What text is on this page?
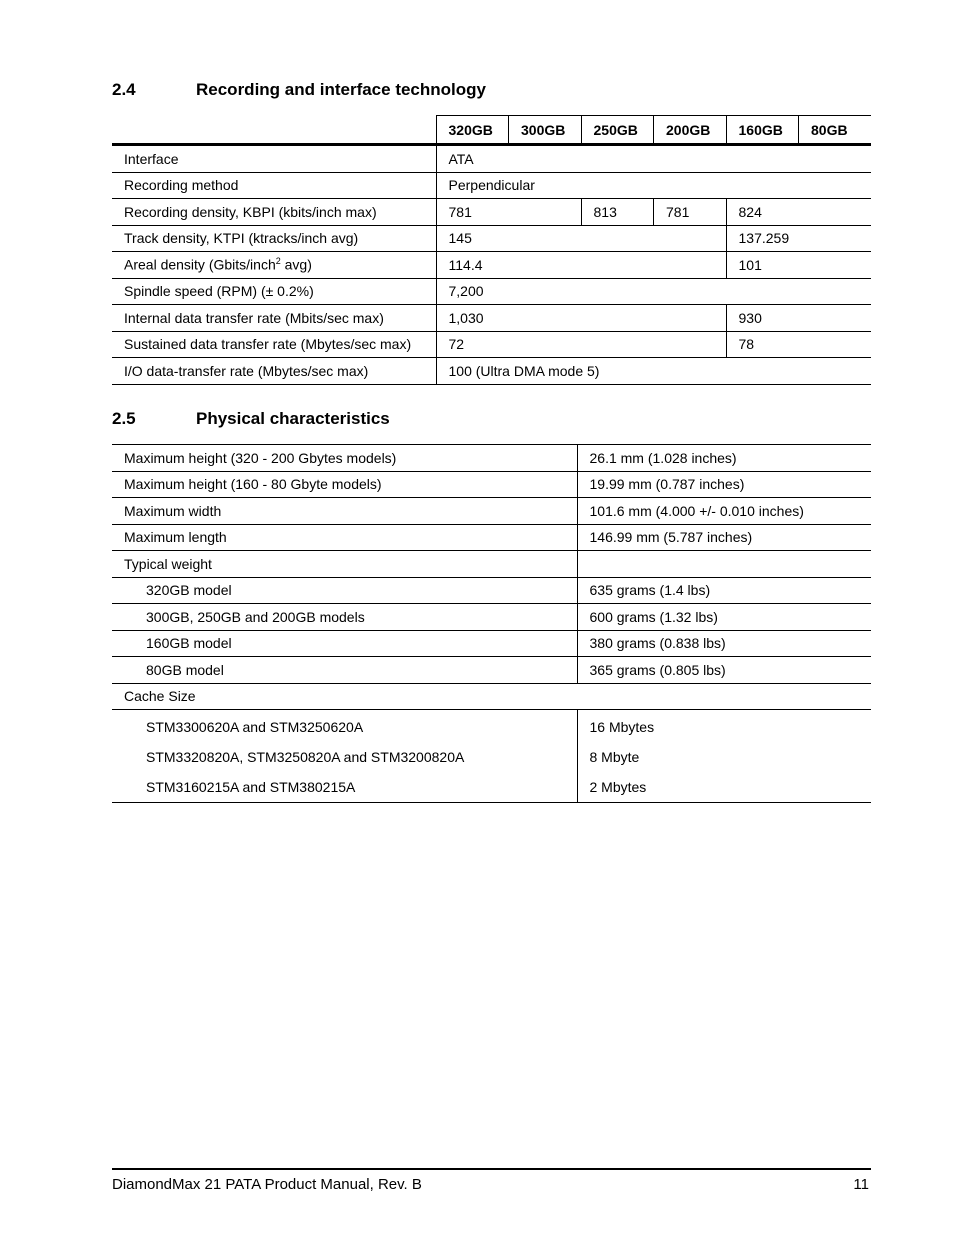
2.4	Recording and interface technology
	320GB	300GB	250GB	200GB	160GB	80GB
Interface	ATA					
Recording method	Perpendicular					
Recording density, KBPI (kbits/inch max)	781		813	781	824	
Track density, KTPI (ktracks/inch avg)	145				137.259	
Areal density (Gbits/inch$^2$ avg)	114.4				101	
Spindle speed (RPM) (± 0.2%)	7,200					
Internal data transfer rate (Mbits/sec max)	1,030				930	
Sustained data transfer rate (Mbytes/sec max)	72				78	
I/O data-transfer rate (Mbytes/sec max)	100 (Ultra DMA mode 5)					
2.5	Physical characteristics
Maximum height (320 - 200 Gbytes models)	26.1 mm (1.028 inches)
Maximum height (160 - 80 Gbyte models)	19.99 mm (0.787 inches)
Maximum width	101.6 mm (4.000 +/- 0.010 inches)
Maximum length	146.99 mm (5.787 inches)
Typical weight	
320GB model	635 grams (1.4 lbs)
300GB, 250GB and 200GB models	600 grams (1.32 lbs)
160GB model	380 grams (0.838 lbs)
80GB model	365 grams (0.805 lbs)
Cache Size	
STM3300620A and STM3250620A	16 Mbytes
STM3320820A, STM3250820A and STM3200820A	8 Mbyte
STM3160215A and STM380215A	2 Mbytes
DiamondMax 21 PATA Product Manual, Rev. B	11
